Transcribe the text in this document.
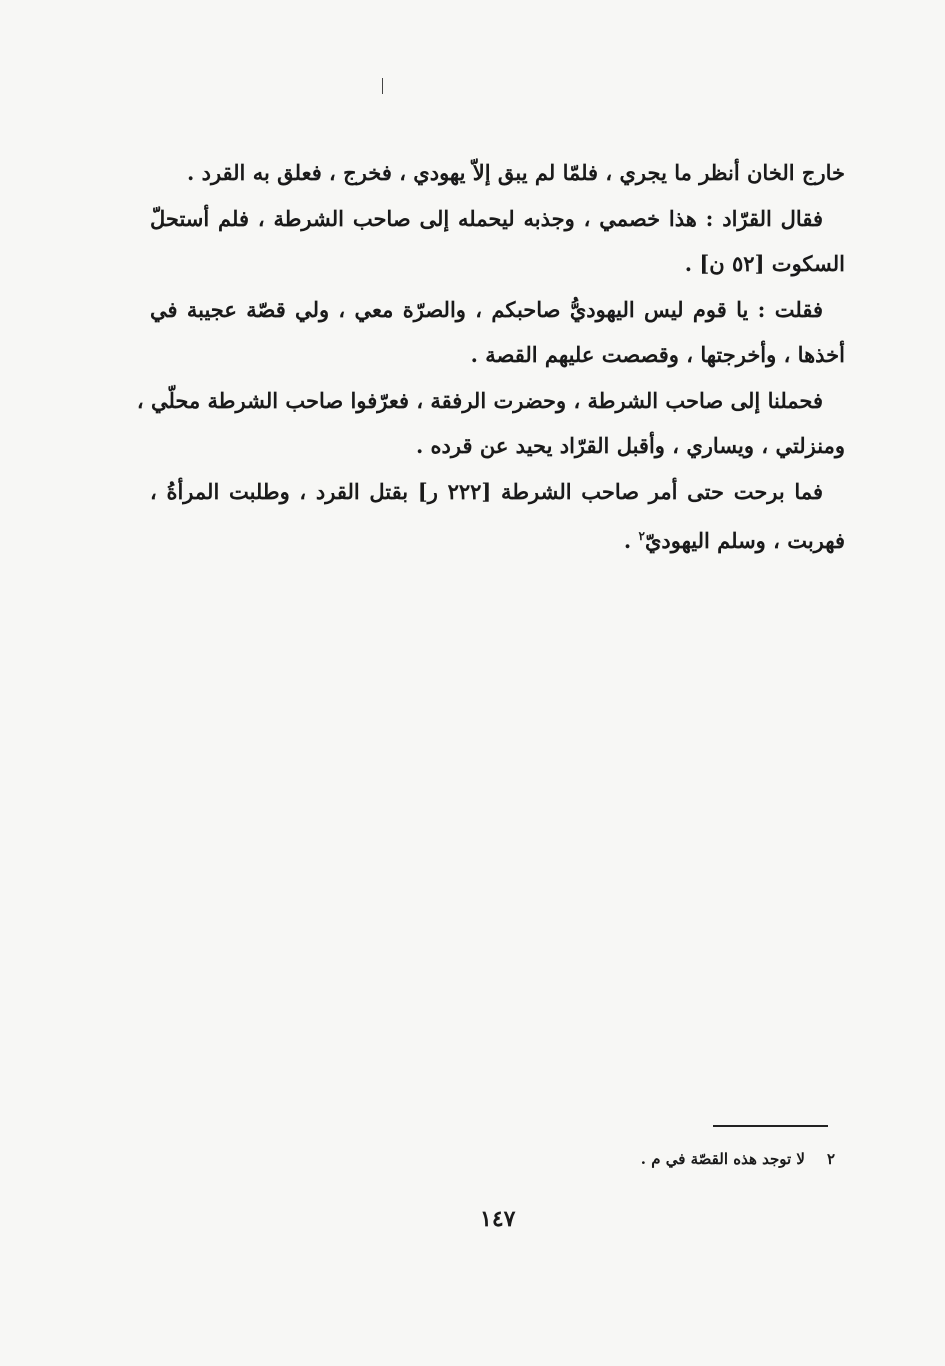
خارج الخان أنظر ما يجري ، فلمّا لم يبق إلاّ يهودي ، فخرج ، فعلق به القرد .
فقال القرّاد : هذا خصمي ، وجذبه ليحمله إلى صاحب الشرطة ، فلم أستحلّ
السكوت [٥٢ ن] .
فقلت : يا قوم ليس اليهوديُّ صاحبكم ، والصرّة معي ، ولي قصّة عجيبة في
أخذها ، وأخرجتها ، وقصصت عليهم القصة .
فحملنا إلى صاحب الشرطة ، وحضرت الرفقة ، فعرّفوا صاحب الشرطة محلّي ،
ومنزلتي ، ويساري ، وأقبل القرّاد يحيد عن قرده .
فما برحت حتى أمر صاحب الشرطة [٢٢٢ ر] بقتل القرد ، وطلبت المرأةُ ،
فهربت ، وسلم اليهوديّ$^٢$ .
٢لا توجد هذه القصّة في م .
١٤٧
